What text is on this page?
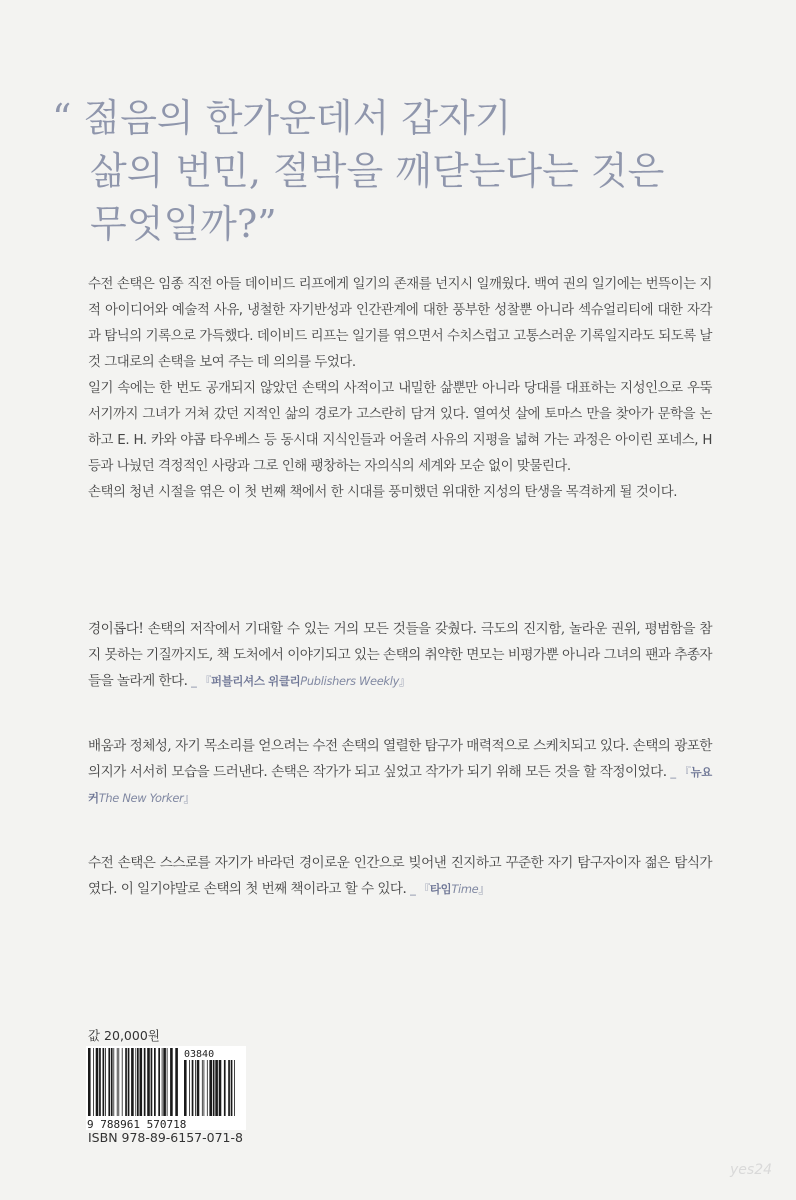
“ 젊음의 한가운데서 갑자기
삶의 번민, 절박을 깨닫는다는 것은
무엇일까?”

수전 손택은 임종 직전 아들 데이비드 리프에게 일기의 존재를 넌지시 일깨웠다. 백여 권의 일기에는 번뜩이는 지적 아이디어와 예술적 사유, 냉철한 자기반성과 인간관계에 대한 풍부한 성찰뿐 아니라 섹슈얼리티에 대한 자각과 탐닉의 기록으로 가득했다. 데이비드 리프는 일기를 엮으면서 수치스럽고 고통스러운 기록일지라도 되도록 날 것 그대로의 손택을 보여 주는 데 의의를 두었다.

일기 속에는 한 번도 공개되지 않았던 손택의 사적이고 내밀한 삶뿐만 아니라 당대를 대표하는 지성인으로 우뚝 서기까지 그녀가 거쳐 갔던 지적인 삶의 경로가 고스란히 담겨 있다. 열여섯 살에 토마스 만을 찾아가 문학을 논하고 E. H. 카와 야콥 타우베스 등 동시대 지식인들과 어울려 사유의 지평을 넓혀 가는 과정은 아이린 포네스, H 등과 나눴던 격정적인 사랑과 그로 인해 팽창하는 자의식의 세계와 모순 없이 맞물린다.

손택의 청년 시절을 엮은 이 첫 번째 책에서 한 시대를 풍미했던 위대한 지성의 탄생을 목격하게 될 것이다.

경이롭다! 손택의 저작에서 기대할 수 있는 거의 모든 것들을 갖췄다. 극도의 진지함, 놀라운 권위, 평범함을 참지 못하는 기질까지도, 책 도처에서 이야기되고 있는 손택의 취약한 면모는 비평가뿐 아니라 그녀의 팬과 추종자들을 놀라게 한다. _ 『퍼블리셔스 위클리Publishers Weekly』
배움과 정체성, 자기 목소리를 얻으려는 수전 손택의 열렬한 탐구가 매력적으로 스케치되고 있다. 손택의 광포한 의지가 서서히 모습을 드러낸다. 손택은 작가가 되고 싶었고 작가가 되기 위해 모든 것을 할 작정이었다. _ 『뉴요커The New Yorker』
수전 손택은 스스로를 자기가 바라던 경이로운 인간으로 빚어낸 진지하고 꾸준한 자기 탐구자이자 젊은 탐식가였다. 이 일기야말로 손택의 첫 번째 책이라고 할 수 있다. _ 『타임Time』
값 20,000원
03840
9 788961 570718
ISBN 978-89-6157-071-8
yes24
